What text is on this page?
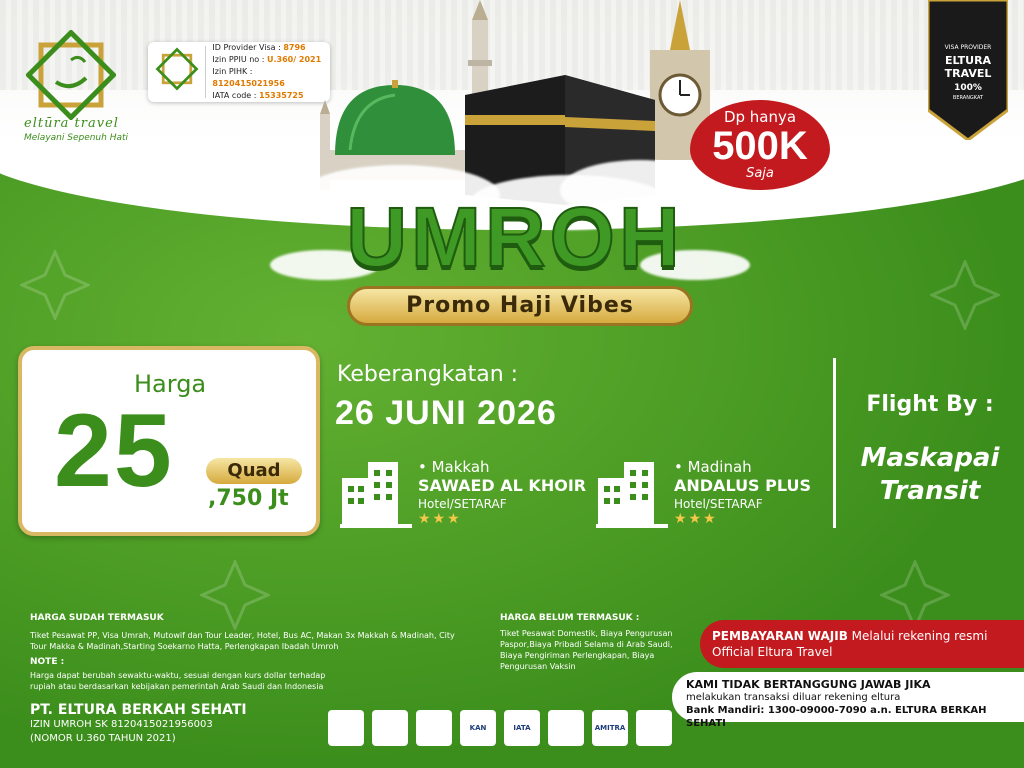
eltūra travel
Melayani Sepenuh Hati
ID Provider Visa : 8796
Izin PPIU no : U.360/ 2021
Izin PIHK : 8120415021956
IATA code : 15335725
VISA PROVIDER
ELTURA
TRAVEL
100%
BERANGKAT
Dp hanya
500K
Saja
UMROH
Promo Haji Vibes
Harga
25	Quad
,750 Jt
Keberangkatan :
26 JUNI 2026
• Makkah
SAWAED AL KHOIR
Hotel/SETARAF
★★★
• Madinah
ANDALUS PLUS
Hotel/SETARAF
★★★
Flight By :
Maskapai
Transit
HARGA SUDAH TERMASUK
Tiket Pesawat PP, Visa Umrah, Mutowif dan Tour Leader, Hotel, Bus AC, Makan 3x Makkah & Madinah, City Tour Makka & Madinah,Starting Soekarno Hatta, Perlengkapan Ibadah Umroh
NOTE :
Harga dapat berubah sewaktu-waktu, sesuai dengan kurs dollar terhadap rupiah atau berdasarkan kebijakan pemerintah Arab Saudi dan Indonesia
HARGA BELUM TERMASUK :
Tiket Pesawat Domestik, Biaya Pengurusan Paspor,Biaya Pribadi Selama di Arab Saudi, Biaya Pengiriman Perlengkapan, Biaya Pengurusan Vaksin
PEMBAYARAN WAJIB Melalui rekening resmi Official Eltura Travel
KAMI TIDAK BERTANGGUNG JAWAB JIKA
melakukan transaksi diluar rekening eltura
Bank Mandiri: 1300-09000-7090 a.n. ELTURA BERKAH SEHATI
PT. ELTURA BERKAH SEHATI
IZIN UMROH SK 8120415021956003
(NOMOR U.360 TAHUN 2021)
KAN	IATA	AMITRA
